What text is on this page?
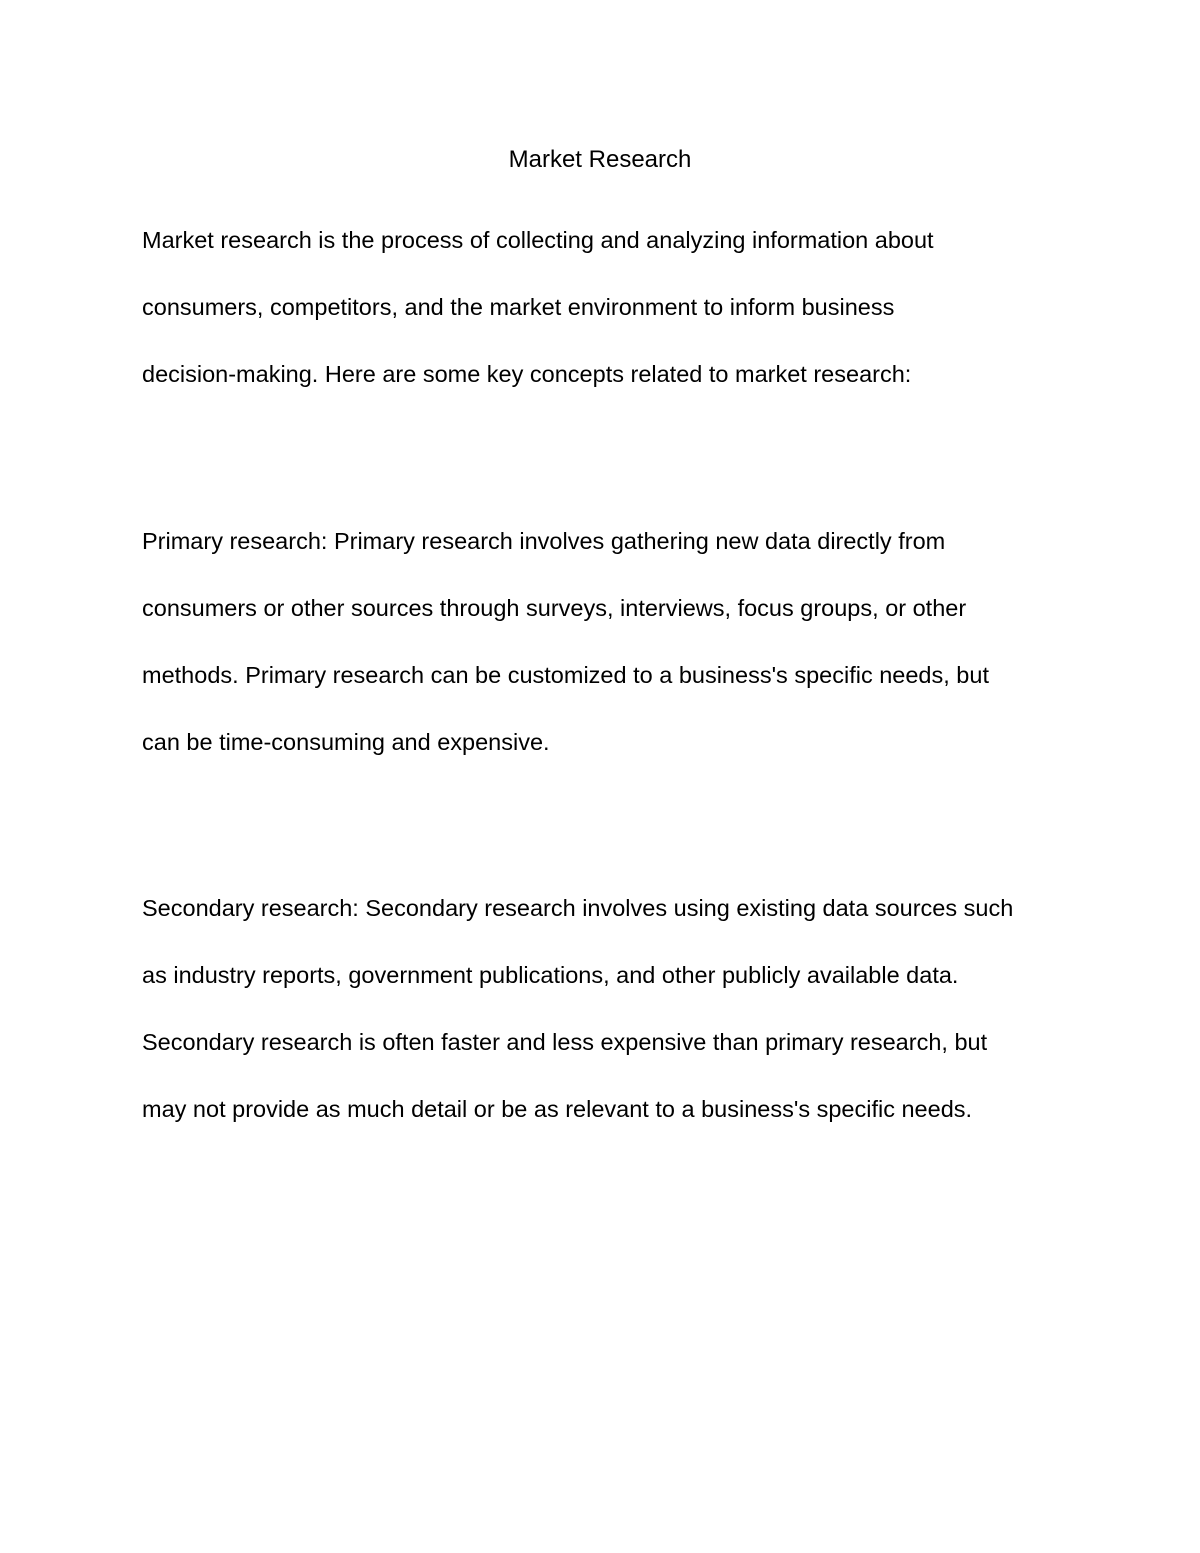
Market Research

Market research is the process of collecting and analyzing information about
consumers, competitors, and the market environment to inform business
decision-making. Here are some key concepts related to market research:

Primary research: Primary research involves gathering new data directly from
consumers or other sources through surveys, interviews, focus groups, or other
methods. Primary research can be customized to a business's specific needs, but
can be time-consuming and expensive.

Secondary research: Secondary research involves using existing data sources such
as industry reports, government publications, and other publicly available data.
Secondary research is often faster and less expensive than primary research, but
may not provide as much detail or be as relevant to a business's specific needs.
